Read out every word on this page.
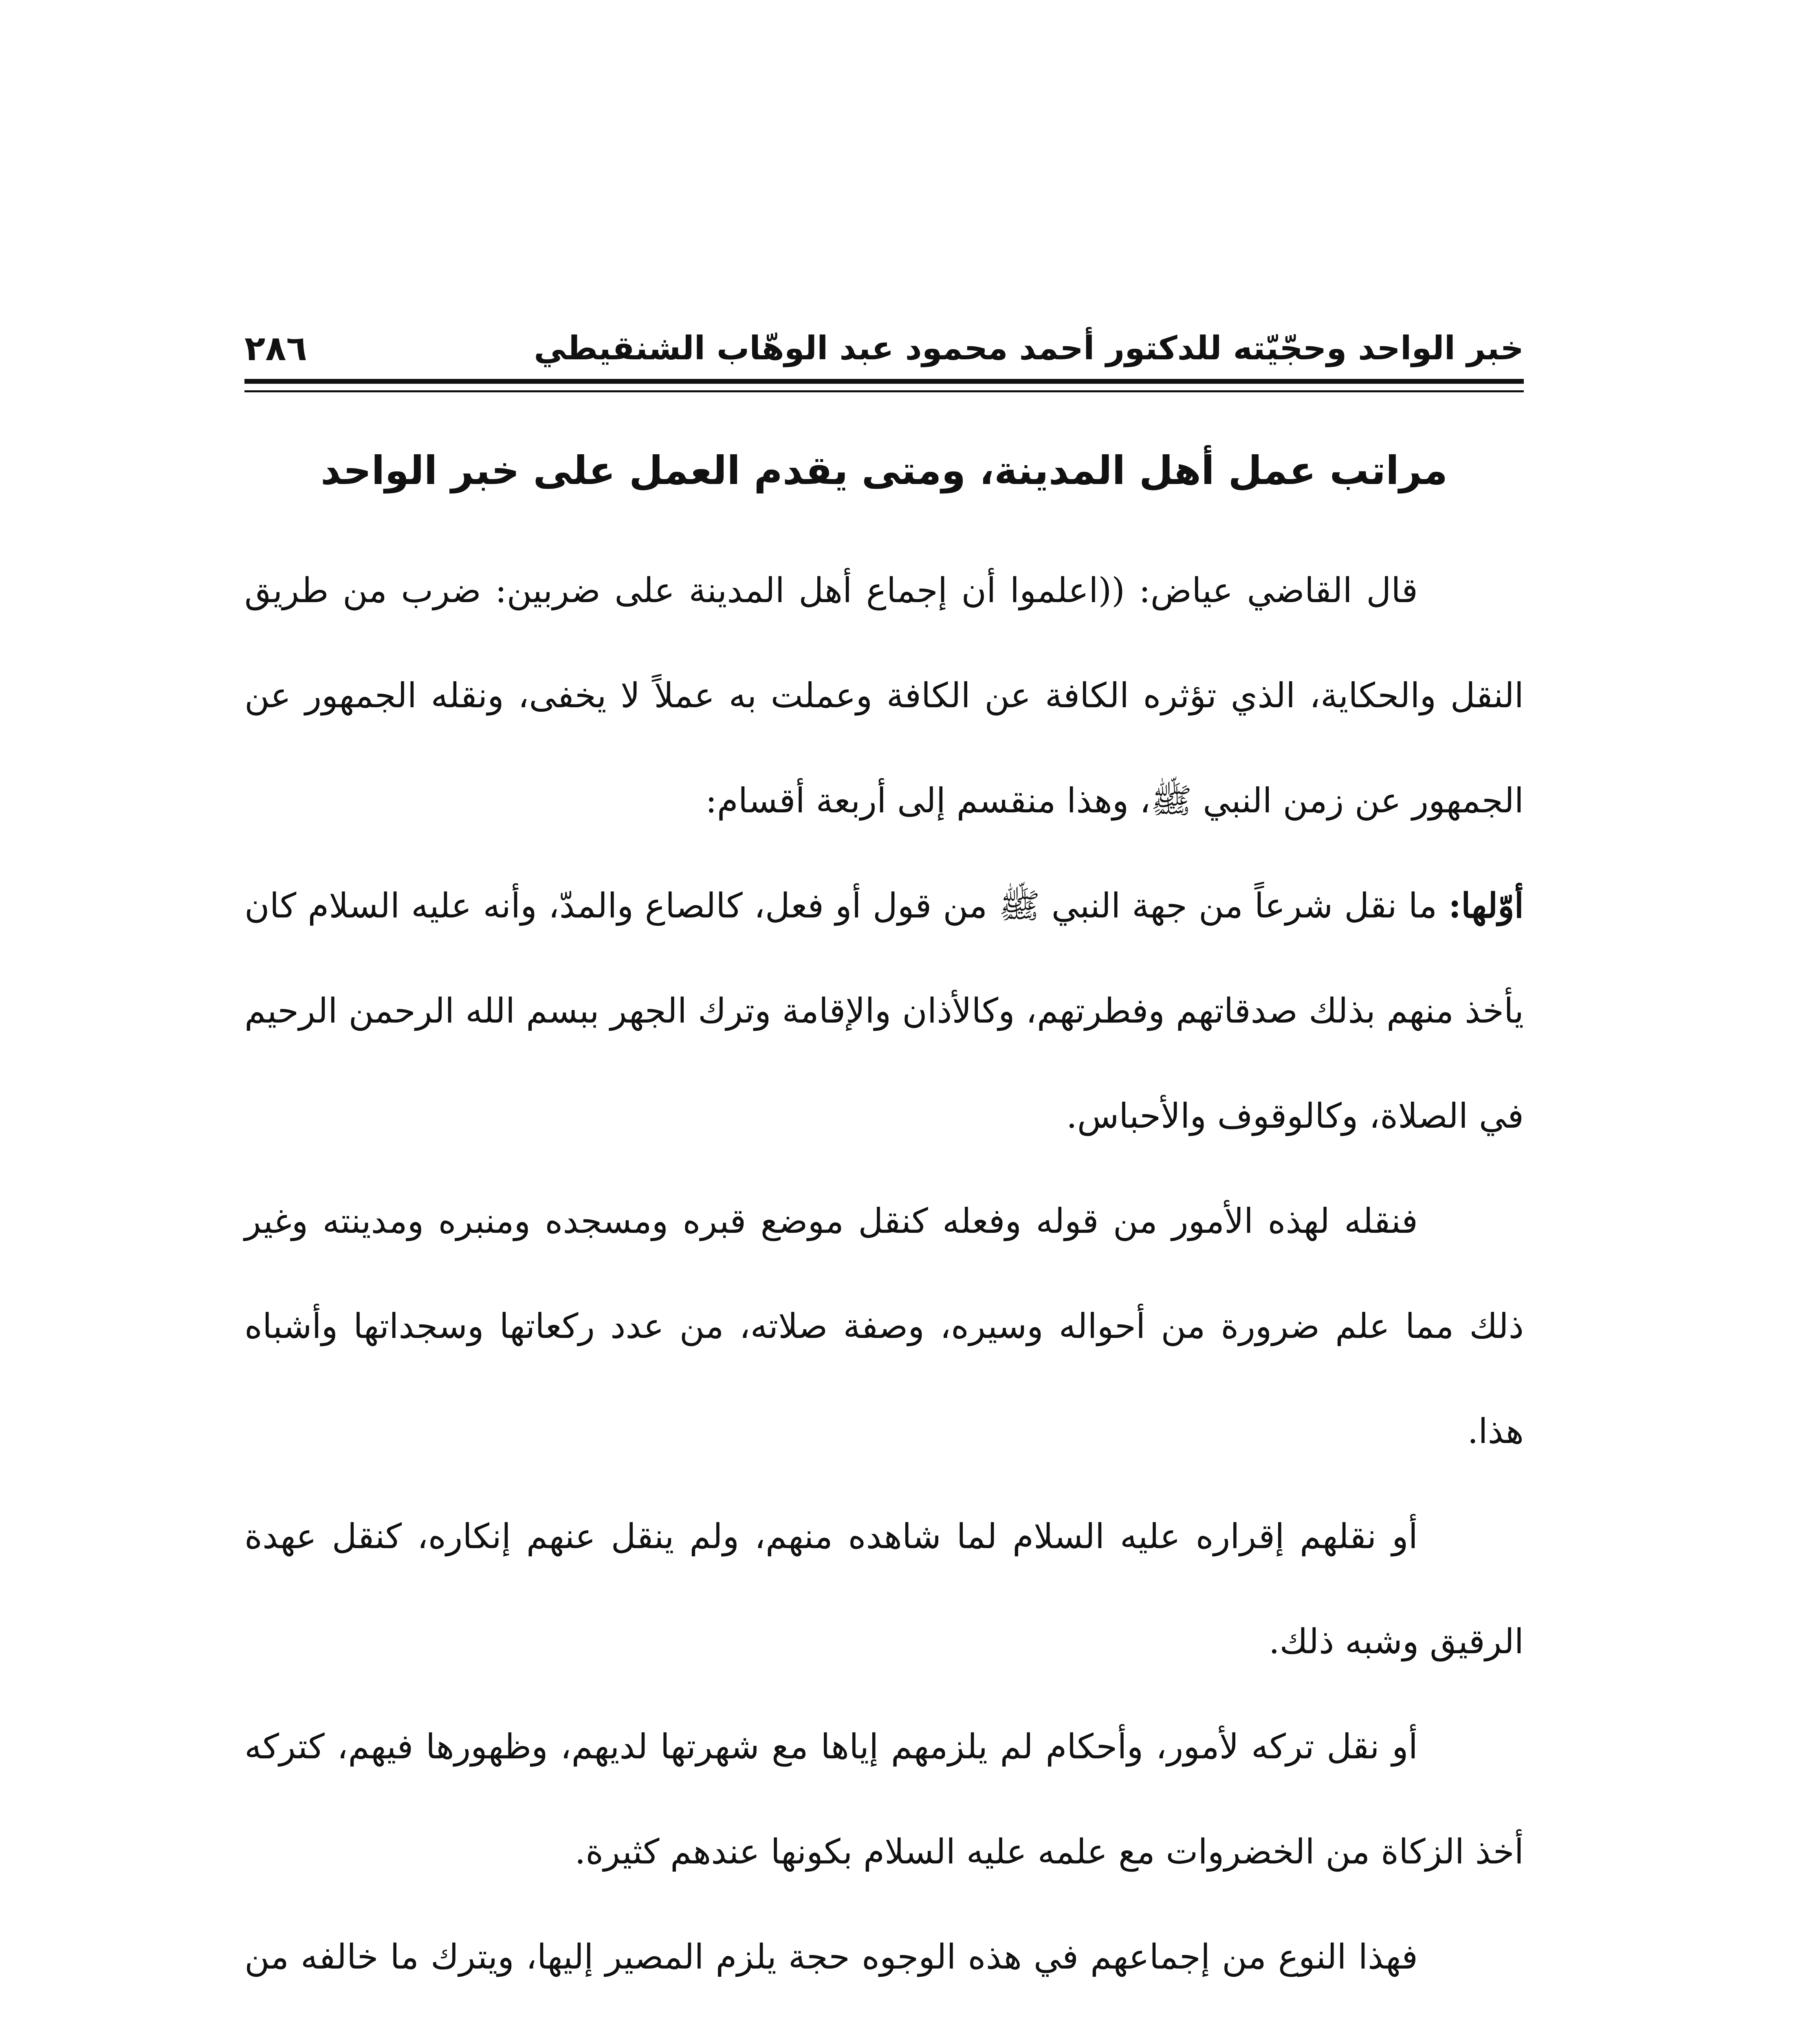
خبر الواحد وحجّيّته للدكتور أحمد محمود عبد الوهّاب الشنقيطي
٢٨٦
مراتب عمل أهل المدينة، ومتى يقدم العمل على خبر الواحد

قال القاضي عياض: ((اعلموا أن إجماع أهل المدينة على ضربين: ضرب من طريق النقل والحكاية، الذي تؤثره الكافة عن الكافة وعملت به عملاً لا يخفى، ونقله الجمهور عن الجمهور عن زمن النبي ﷺ، وهذا منقسم إلى أربعة أقسام:

أوّلها: ما نقل شرعاً من جهة النبي ﷺ من قول أو فعل، كالصاع والمدّ، وأنه عليه السلام كان يأخذ منهم بذلك صدقاتهم وفطرتهم، وكالأذان والإقامة وترك الجهر ببسم الله الرحمن الرحيم في الصلاة، وكالوقوف والأحباس.

فنقله لهذه الأمور من قوله وفعله كنقل موضع قبره ومسجده ومنبره ومدينته وغير ذلك مما علم ضرورة من أحواله وسيره، وصفة صلاته، من عدد ركعاتها وسجداتها وأشباه هذا.

أو نقلهم إقراره عليه السلام لما شاهده منهم، ولم ينقل عنهم إنكاره، كنقل عهدة الرقيق وشبه ذلك.

أو نقل تركه لأمور، وأحكام لم يلزمهم إياها مع شهرتها لديهم، وظهورها فيهم، كتركه أخذ الزكاة من الخضروات مع علمه عليه السلام بكونها عندهم كثيرة.

فهذا النوع من إجماعهم في هذه الوجوه حجة يلزم المصير إليها، ويترك ما خالفه من
